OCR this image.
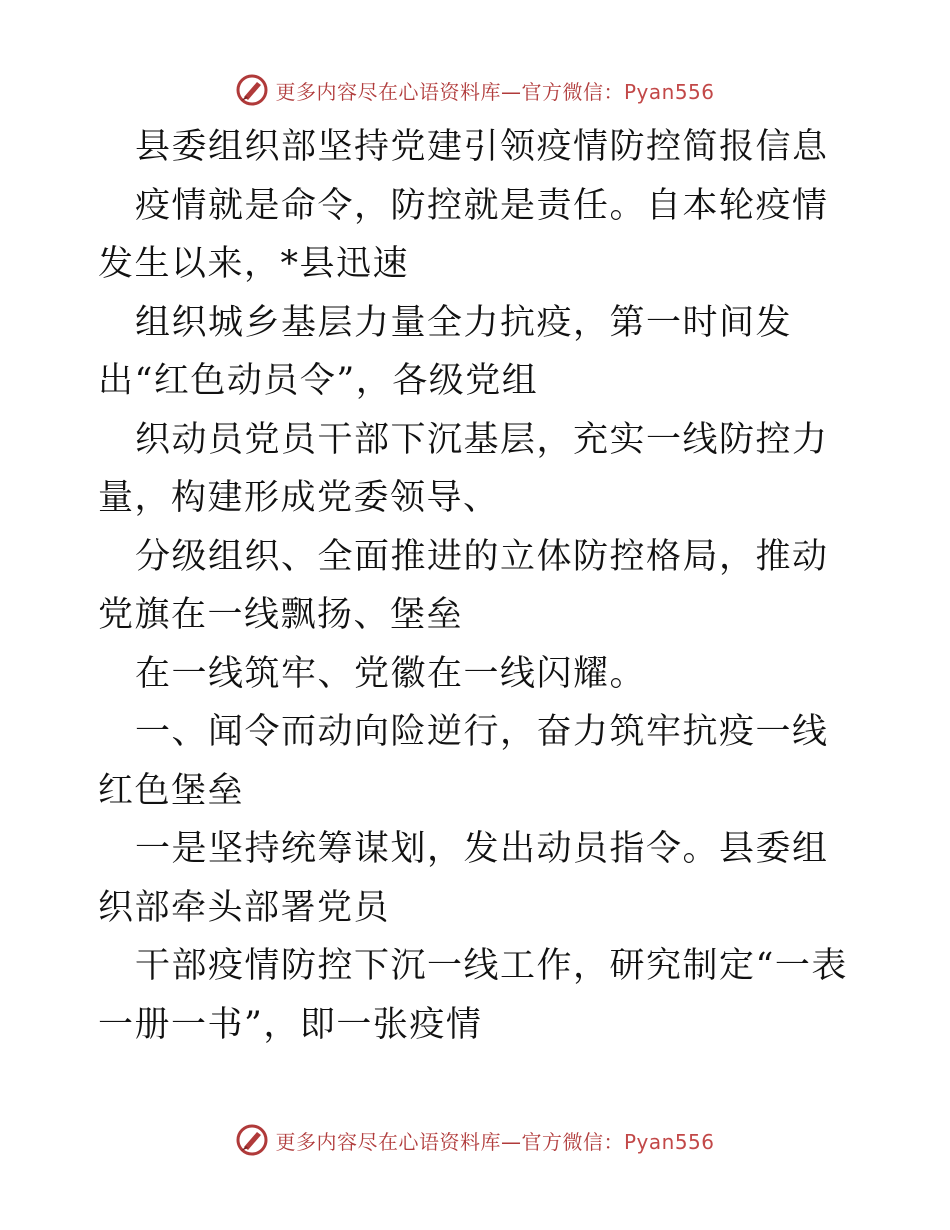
更多内容尽在心语资料库—官方微信：Pyan556

县委组织部坚持党建引领疫情防控简报信息

疫情就是命令，防控就是责任。自本轮疫情发生以来，*县迅速

组织城乡基层力量全力抗疫，第一时间发出“红色动员令”，各级党组

织动员党员干部下沉基层，充实一线防控力量，构建形成党委领导、

分级组织、全面推进的立体防控格局，推动党旗在一线飘扬、堡垒

在一线筑牢、党徽在一线闪耀。

一、闻令而动向险逆行，奋力筑牢抗疫一线红色堡垒

一是坚持统筹谋划，发出动员指令。县委组织部牵头部署党员

干部疫情防控下沉一线工作，研究制定“一表一册一书”，即一张疫情

更多内容尽在心语资料库—官方微信：Pyan556
